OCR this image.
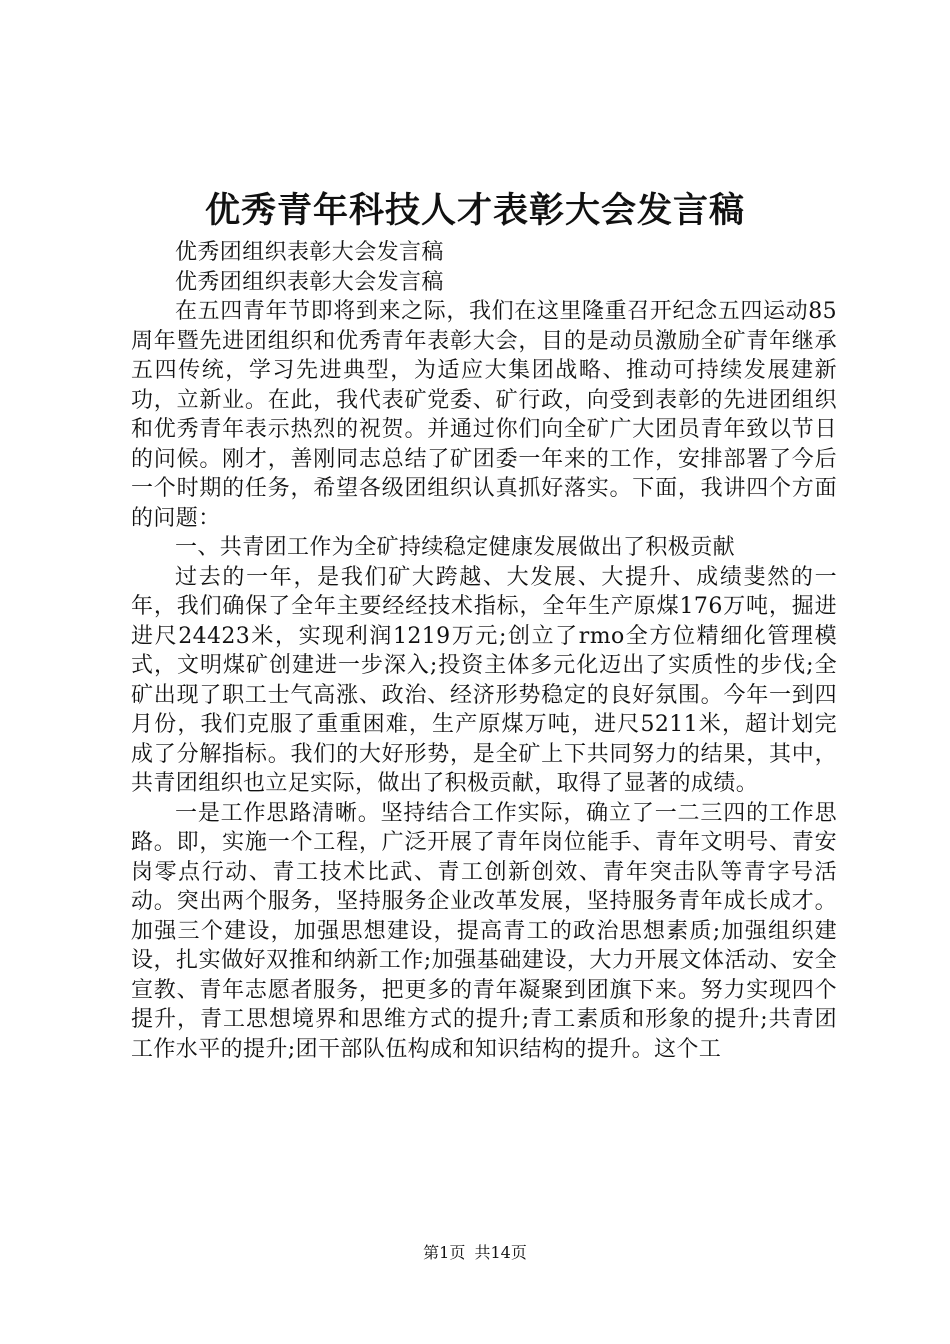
优秀青年科技人才表彰大会发言稿

优秀团组织表彰大会发言稿

优秀团组织表彰大会发言稿

在五四青年节即将到来之际，我们在这里隆重召开纪念五四运动85周年暨先进团组织和优秀青年表彰大会，目的是动员激励全矿青年继承五四传统，学习先进典型，为适应大集团战略、推动可持续发展建新功，立新业。在此，我代表矿党委、矿行政，向受到表彰的先进团组织和优秀青年表示热烈的祝贺。并通过你们向全矿广大团员青年致以节日的问候。刚才，善刚同志总结了矿团委一年来的工作，安排部署了今后一个时期的任务，希望各级团组织认真抓好落实。下面，我讲四个方面的问题：

一、共青团工作为全矿持续稳定健康发展做出了积极贡献

过去的一年，是我们矿大跨越、大发展、大提升、成绩斐然的一年，我们确保了全年主要经经技术指标，全年生产原煤176万吨，掘进进尺24423米，实现利润1219万元;创立了rmo全方位精细化管理模式，文明煤矿创建进一步深入;投资主体多元化迈出了实质性的步伐;全矿出现了职工士气高涨、政治、经济形势稳定的良好氛围。今年一到四月份，我们克服了重重困难，生产原煤万吨，进尺5211米，超计划完成了分解指标。我们的大好形势，是全矿上下共同努力的结果，其中，共青团组织也立足实际，做出了积极贡献，取得了显著的成绩。

一是工作思路清晰。坚持结合工作实际，确立了一二三四的工作思路。即，实施一个工程，广泛开展了青年岗位能手、青年文明号、青安岗零点行动、青工技术比武、青工创新创效、青年突击队等青字号活动。突出两个服务，坚持服务企业改革发展，坚持服务青年成长成才。加强三个建设，加强思想建设，提高青工的政治思想素质;加强组织建设，扎实做好双推和纳新工作;加强基础建设，大力开展文体活动、安全宣教、青年志愿者服务，把更多的青年凝聚到团旗下来。努力实现四个提升，青工思想境界和思维方式的提升;青工素质和形象的提升;共青团工作水平的提升;团干部队伍构成和知识结构的提升。这个工

第1页 共14页
